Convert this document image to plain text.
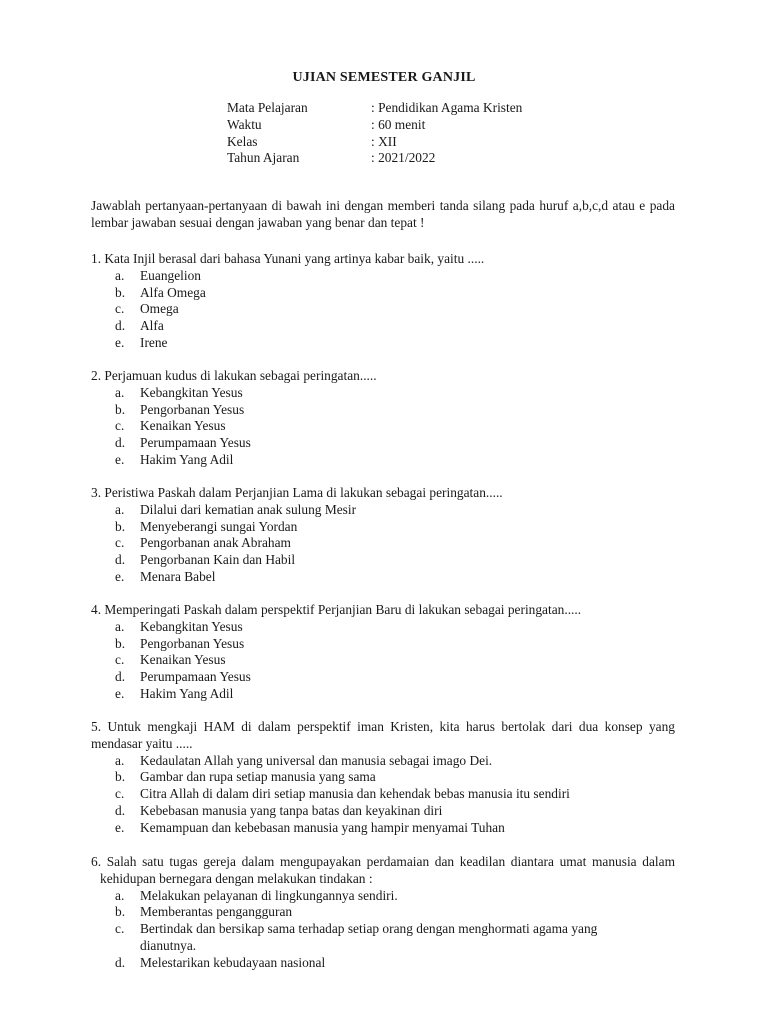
UJIAN SEMESTER GANJIL
Mata Pelajaran	: Pendidikan Agama Kristen
Waktu	: 60 menit
Kelas	: XII
Tahun Ajaran	: 2021/2022
Jawablah pertanyaan-pertanyaan di bawah ini dengan memberi tanda silang pada huruf a,b,c,d atau e pada lembar jawaban sesuai dengan jawaban yang benar dan tepat !
1. Kata Injil berasal dari bahasa Yunani yang artinya kabar baik, yaitu .....
a.	Euangelion
b.	Alfa Omega
c.	Omega
d.	Alfa
e.	Irene
2. Perjamuan kudus di lakukan sebagai peringatan.....
a.	Kebangkitan Yesus
b.	Pengorbanan Yesus
c.	Kenaikan Yesus
d.	Perumpamaan Yesus
e.	Hakim Yang Adil
3. Peristiwa Paskah dalam Perjanjian Lama di lakukan sebagai peringatan.....
a.	Dilalui dari kematian anak sulung Mesir
b.	Menyeberangi sungai Yordan
c.	Pengorbanan anak Abraham
d.	Pengorbanan Kain dan Habil
e.	Menara Babel
4. Memperingati Paskah dalam perspektif Perjanjian Baru di lakukan sebagai peringatan.....
a.	Kebangkitan Yesus
b.	Pengorbanan Yesus
c.	Kenaikan Yesus
d.	Perumpamaan Yesus
e.	Hakim Yang Adil
5. Untuk mengkaji HAM di dalam perspektif iman Kristen, kita harus bertolak dari dua konsep yang mendasar yaitu .....
a.	Kedaulatan Allah yang universal dan manusia sebagai imago Dei.
b.	Gambar dan rupa setiap manusia yang sama
c.	Citra Allah di dalam diri setiap manusia dan kehendak bebas manusia itu sendiri
d.	Kebebasan manusia yang tanpa batas dan keyakinan diri
e.	Kemampuan dan kebebasan manusia yang hampir menyamai Tuhan
6. Salah satu tugas gereja dalam mengupayakan perdamaian dan keadilan diantara umat manusia dalam kehidupan bernegara dengan melakukan tindakan :
a.	Melakukan pelayanan di lingkungannya sendiri.
b.	Memberantas pengangguran
c.	Bertindak dan bersikap sama terhadap setiap orang dengan menghormati agama yang dianutnya.
d.	Melestarikan kebudayaan nasional
